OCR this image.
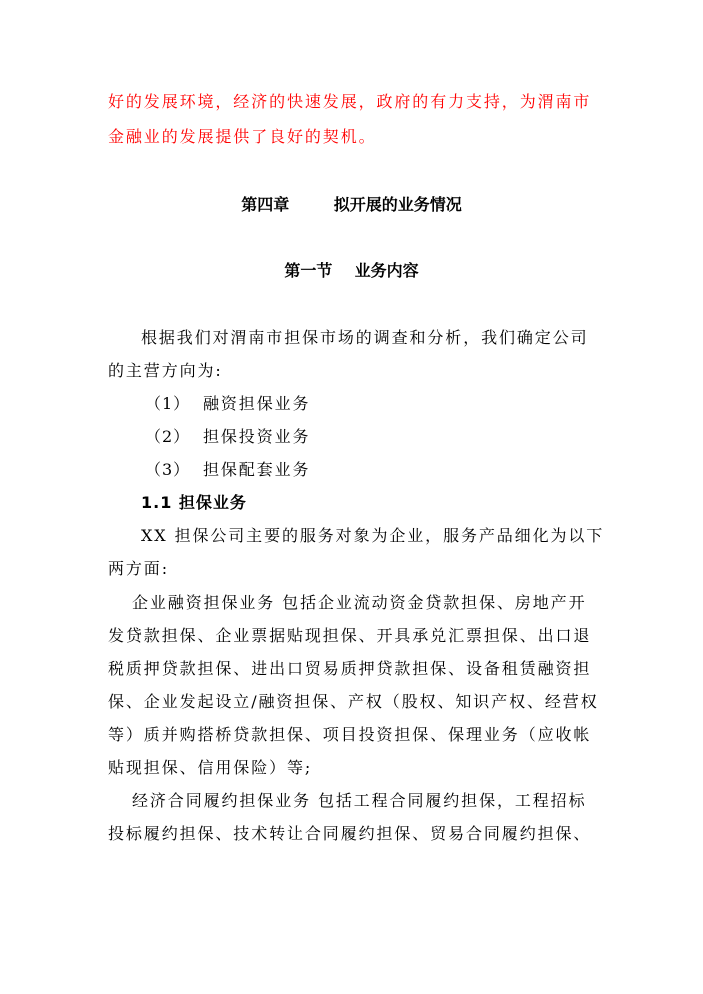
好的发展环境，经济的快速发展，政府的有力支持，为渭南市
金融业的发展提供了良好的契机。
第四章        拟开展的业务情况
第一节    业务内容
根据我们对渭南市担保市场的调查和分析，我们确定公司
的主营方向为:
（1） 融资担保业务
（2） 担保投资业务
（3） 担保配套业务
1.1 担保业务
XX 担保公司主要的服务对象为企业，服务产品细化为以下
两方面:
企业融资担保业务 包括企业流动资金贷款担保、房地产开
发贷款担保、企业票据贴现担保、开具承兑汇票担保、出口退
税质押贷款担保、进出口贸易质押贷款担保、设备租赁融资担
保、企业发起设立/融资担保、产权（股权、知识产权、经营权
等）质并购搭桥贷款担保、项目投资担保、保理业务（应收帐
贴现担保、信用保险）等;
经济合同履约担保业务 包括工程合同履约担保，工程招标
投标履约担保、技术转让合同履约担保、贸易合同履约担保、
